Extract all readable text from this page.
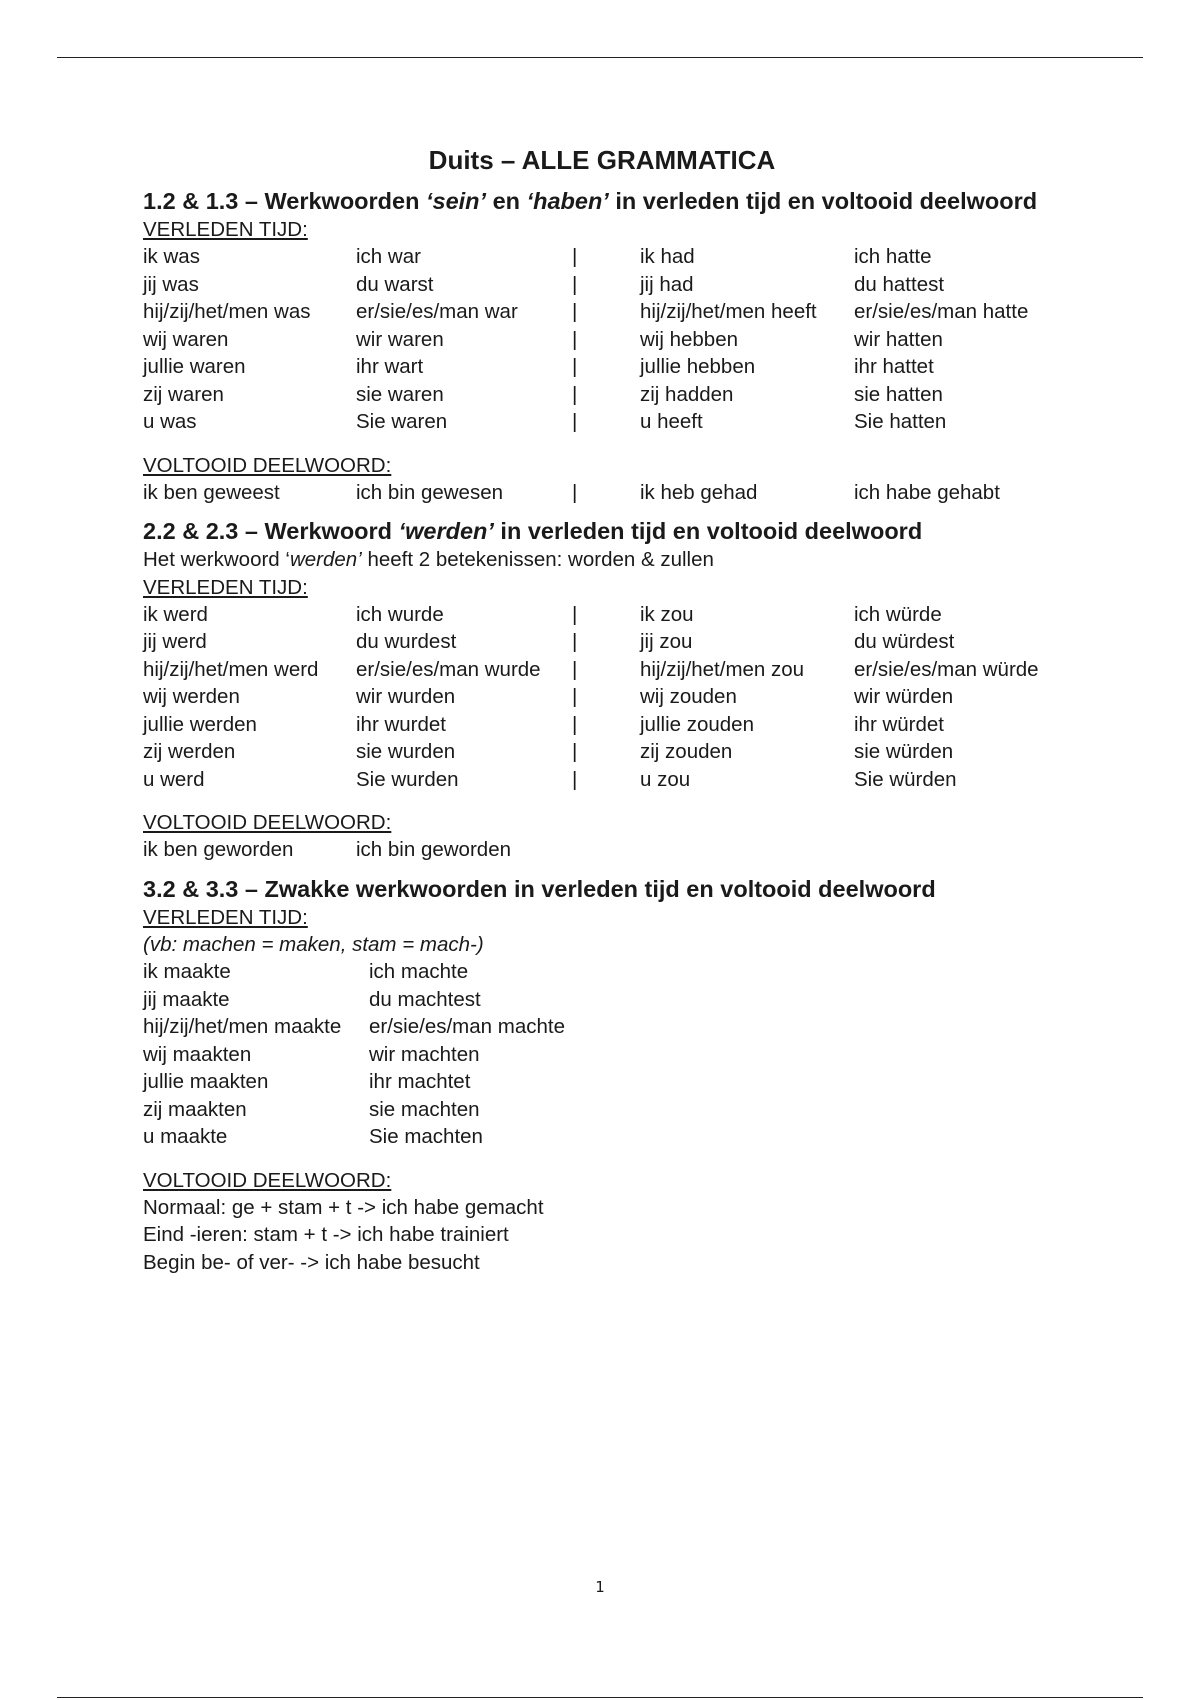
Duits – ALLE GRAMMATICA
1.2 & 1.3 – Werkwoorden ‘sein’ en ‘haben’ in verleden tijd en voltooid deelwoord
VERLEDEN TIJD:
ik was	ich war	|	ik had	ich hatte
jij was	du warst	|	jij had	du hattest
hij/zij/het/men was	er/sie/es/man war	|	hij/zij/het/men heeft	er/sie/es/man hatte
wij waren	wir waren	|	wij hebben	wir hatten
jullie waren	ihr wart	|	jullie hebben	ihr hattet
zij waren	sie waren	|	zij hadden	sie hatten
u was	Sie waren	|	u heeft	Sie hatten
VOLTOOID DEELWOORD:
ik ben geweest	ich bin gewesen	|	ik heb gehad	ich habe gehabt
2.2 & 2.3 – Werkwoord ‘werden’ in verleden tijd en voltooid deelwoord
Het werkwoord ‘werden’ heeft 2 betekenissen: worden & zullen
VERLEDEN TIJD:
ik werd	ich wurde	|	ik zou	ich würde
jij werd	du wurdest	|	jij zou	du würdest
hij/zij/het/men werd	er/sie/es/man wurde	|	hij/zij/het/men zou	er/sie/es/man würde
wij werden	wir wurden	|	wij zouden	wir würden
jullie werden	ihr wurdet	|	jullie zouden	ihr würdet
zij werden	sie wurden	|	zij zouden	sie würden
u werd	Sie wurden	|	u zou	Sie würden
VOLTOOID DEELWOORD:
ik ben geworden	ich bin geworden
3.2 & 3.3 – Zwakke werkwoorden in verleden tijd en voltooid deelwoord
VERLEDEN TIJD:
(vb: machen = maken, stam = mach-)
ik maakte	ich machte
jij maakte	du machtest
hij/zij/het/men maakte	er/sie/es/man machte
wij maakten	wir machten
jullie maakten	ihr machtet
zij maakten	sie machten
u maakte	Sie machten
VOLTOOID DEELWOORD:
Normaal: ge + stam + t -> ich habe gemacht
Eind -ieren: stam + t -> ich habe trainiert
Begin be- of ver- -> ich habe besucht
1
